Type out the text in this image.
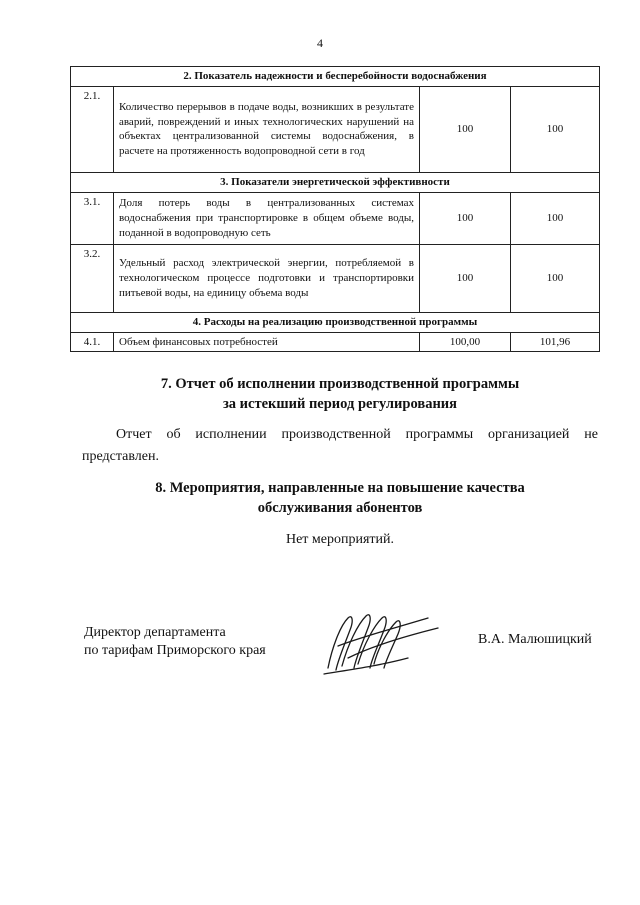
4
2. Показатель надежности и бесперебойности водоснабжения			
2.1.	Количество перерывов в подаче воды, возникших в результате аварий, повреждений и иных технологических нарушений на объектах централизованной системы водоснабжения, в расчете на протяженность водопроводной сети в год	100	100
3. Показатели энергетической эффективности			
3.1.	Доля потерь воды в централизованных системах водоснабжения при транспортировке в общем объеме воды, поданной в водопроводную сеть	100	100
3.2.	Удельный расход электрической энергии, потребляемой в технологическом процессе подготовки и транспортировки питьевой воды, на единицу объема воды	100	100
4. Расходы на реализацию производственной программы			
4.1.	Объем финансовых потребностей	100,00	101,96
7. Отчет об исполнении производственной программы
за истекший период регулирования
Отчет об исполнении производственной программы организацией не представлен.
8. Мероприятия, направленные на повышение качества
обслуживания абонентов
Нет мероприятий.
Директор департамента
по тарифам Приморского края
В.А. Малюшицкий
